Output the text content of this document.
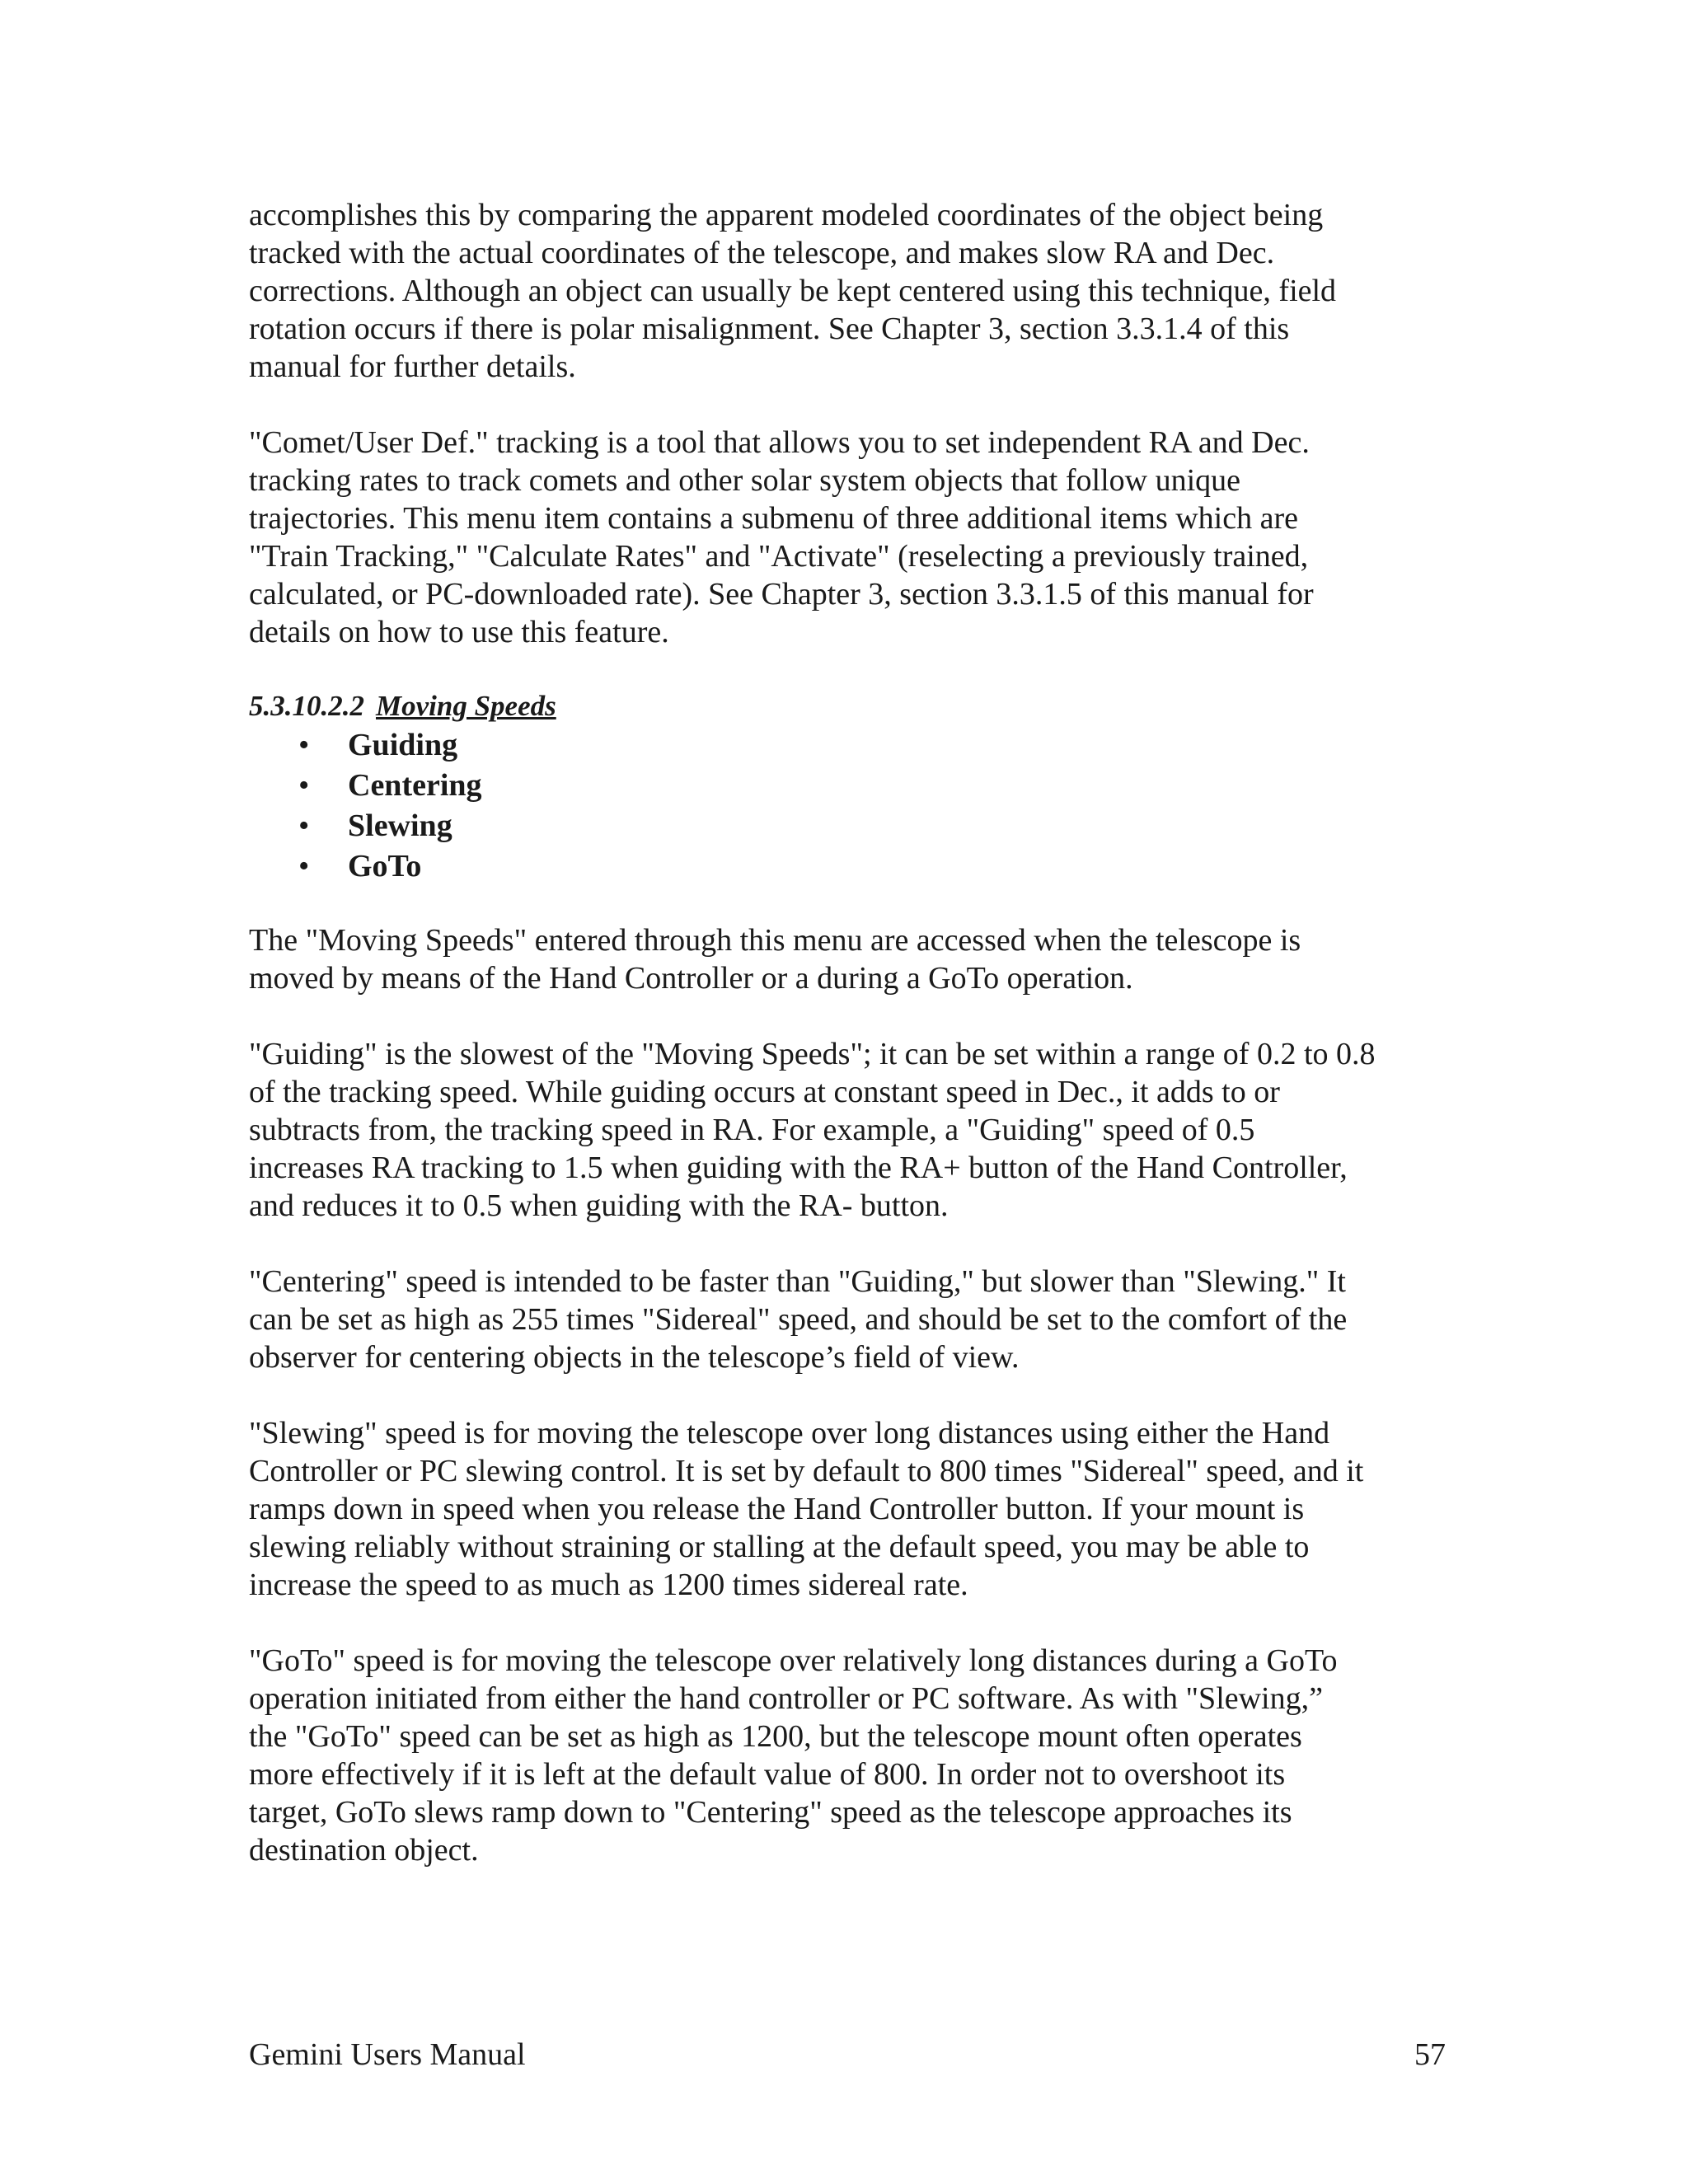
accomplishes this by comparing the apparent modeled coordinates of the object being
tracked with the actual coordinates of the telescope, and makes slow RA and Dec.
corrections. Although an object can usually be kept centered using this technique, field
rotation occurs if there is polar misalignment. See Chapter 3, section 3.3.1.4 of this
manual for further details.

"Comet/User Def." tracking is a tool that allows you to set independent RA and Dec.
tracking rates to track comets and other solar system objects that follow unique
trajectories. This menu item contains a submenu of three additional items which are
"Train Tracking," "Calculate Rates" and "Activate" (reselecting a previously trained,
calculated, or PC-downloaded rate). See Chapter 3, section 3.3.1.5 of this manual for
details on how to use this feature.

5.3.10.2.2 Moving Speeds
• Guiding
• Centering
• Slewing
• GoTo

The "Moving Speeds" entered through this menu are accessed when the telescope is
moved by means of the Hand Controller or a during a GoTo operation.

"Guiding" is the slowest of the "Moving Speeds"; it can be set within a range of 0.2 to 0.8
of the tracking speed. While guiding occurs at constant speed in Dec., it adds to or
subtracts from, the tracking speed in RA. For example, a "Guiding" speed of 0.5
increases RA tracking to 1.5 when guiding with the RA+ button of the Hand Controller,
and reduces it to 0.5 when guiding with the RA- button.

"Centering" speed is intended to be faster than "Guiding," but slower than "Slewing." It
can be set as high as 255 times "Sidereal" speed, and should be set to the comfort of the
observer for centering objects in the telescope’s field of view.

"Slewing" speed is for moving the telescope over long distances using either the Hand
Controller or PC slewing control. It is set by default to 800 times "Sidereal" speed, and it
ramps down in speed when you release the Hand Controller button. If your mount is
slewing reliably without straining or stalling at the default speed, you may be able to
increase the speed to as much as 1200 times sidereal rate.

"GoTo" speed is for moving the telescope over relatively long distances during a GoTo
operation initiated from either the hand controller or PC software. As with "Slewing,”
the "GoTo" speed can be set as high as 1200, but the telescope mount often operates
more effectively if it is left at the default value of 800. In order not to overshoot its
target, GoTo slews ramp down to "Centering" speed as the telescope approaches its
destination object.

Gemini Users Manual	57
